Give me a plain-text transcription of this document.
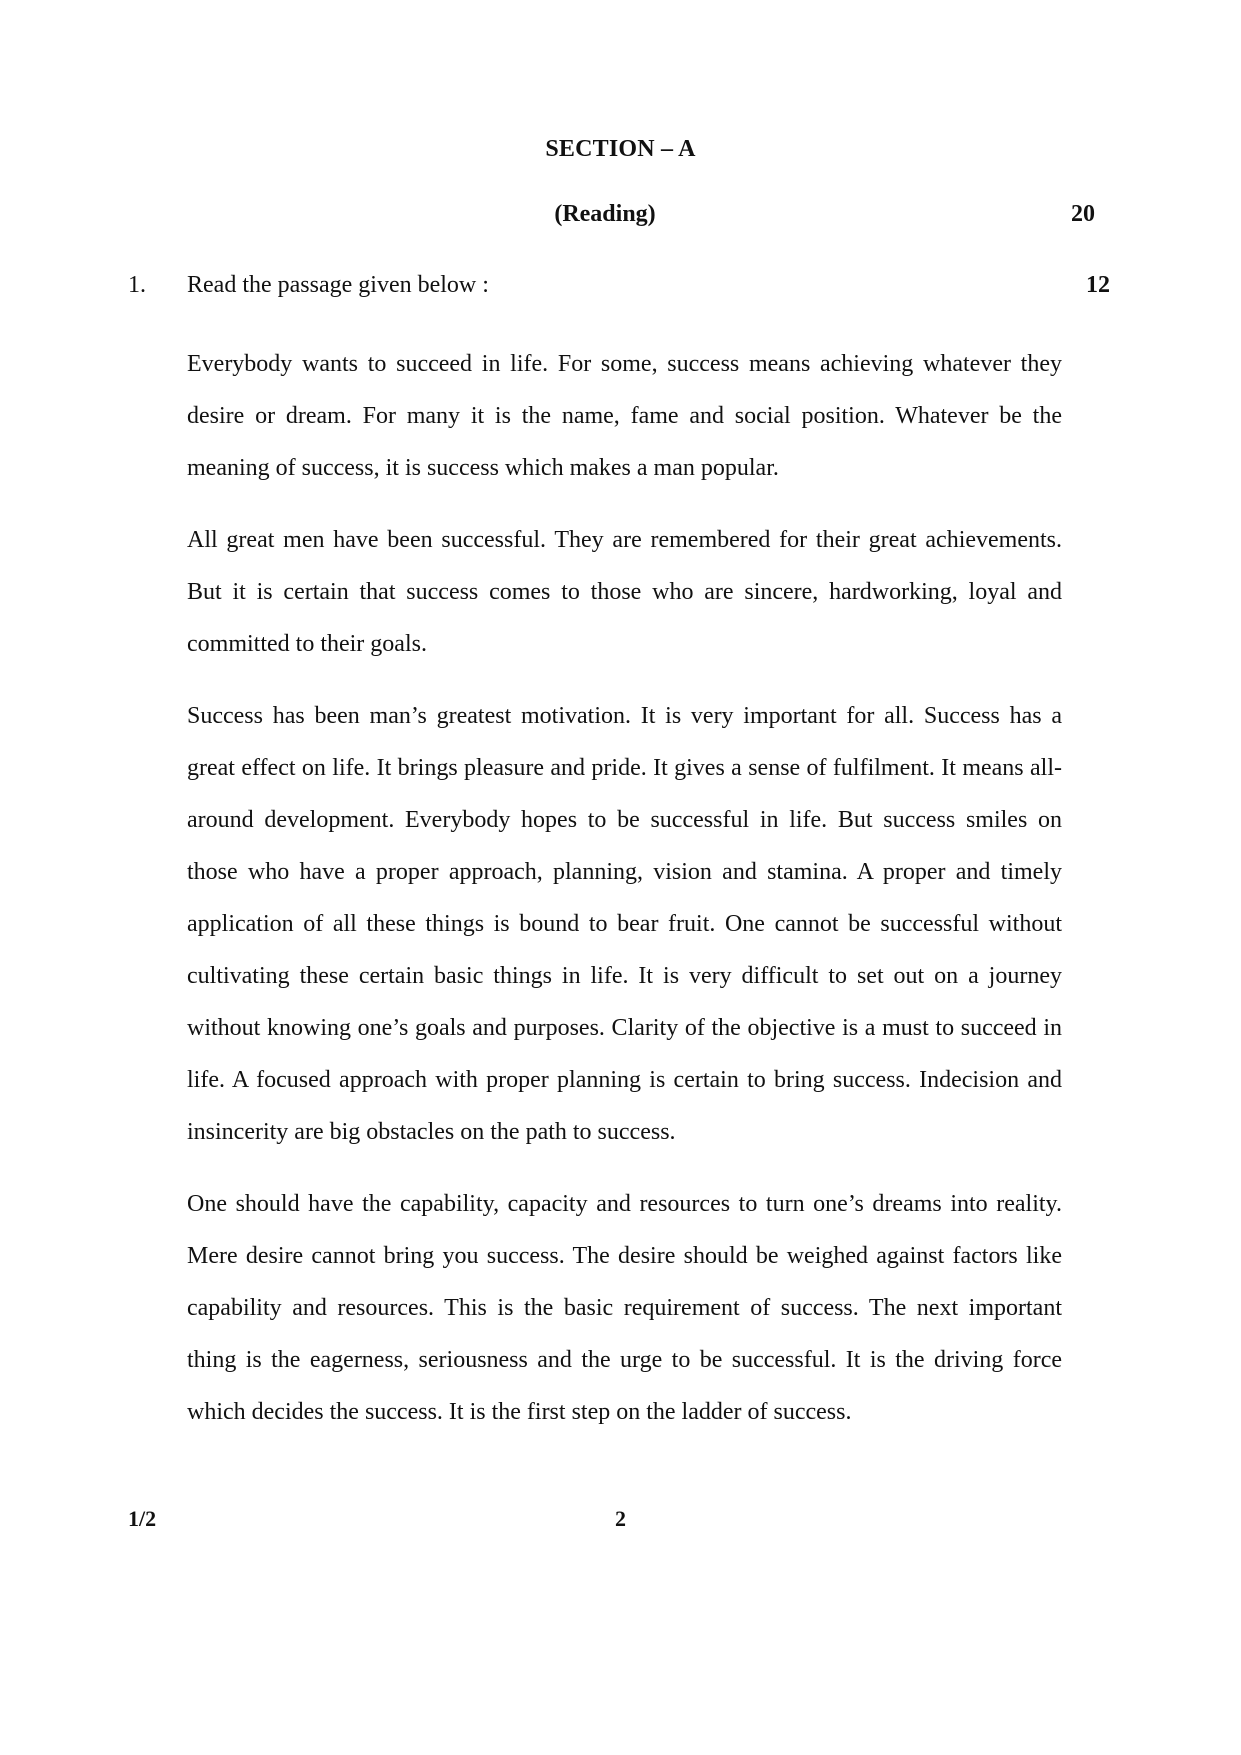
SECTION – A
(Reading)	20
1. Read the passage given below :	12

Everybody wants to succeed in life. For some, success means achieving whatever they desire or dream. For many it is the name, fame and social position. Whatever be the meaning of success, it is success which makes a man popular.

All great men have been successful. They are remembered for their great achievements. But it is certain that success comes to those who are sincere, hardworking, loyal and committed to their goals.

Success has been man’s greatest motivation. It is very important for all. Success has a great effect on life. It brings pleasure and pride. It gives a sense of fulfilment. It means all-around development. Everybody hopes to be successful in life. But success smiles on those who have a proper approach, planning, vision and stamina. A proper and timely application of all these things is bound to bear fruit. One cannot be successful without cultivating these certain basic things in life. It is very difficult to set out on a journey without knowing one’s goals and purposes. Clarity of the objective is a must to succeed in life. A focused approach with proper planning is certain to bring success. Indecision and insincerity are big obstacles on the path to success.

One should have the capability, capacity and resources to turn one’s dreams into reality. Mere desire cannot bring you success. The desire should be weighed against factors like capability and resources. This is the basic requirement of success. The next important thing is the eagerness, seriousness and the urge to be successful. It is the driving force which decides the success. It is the first step on the ladder of success.

1/2	2
